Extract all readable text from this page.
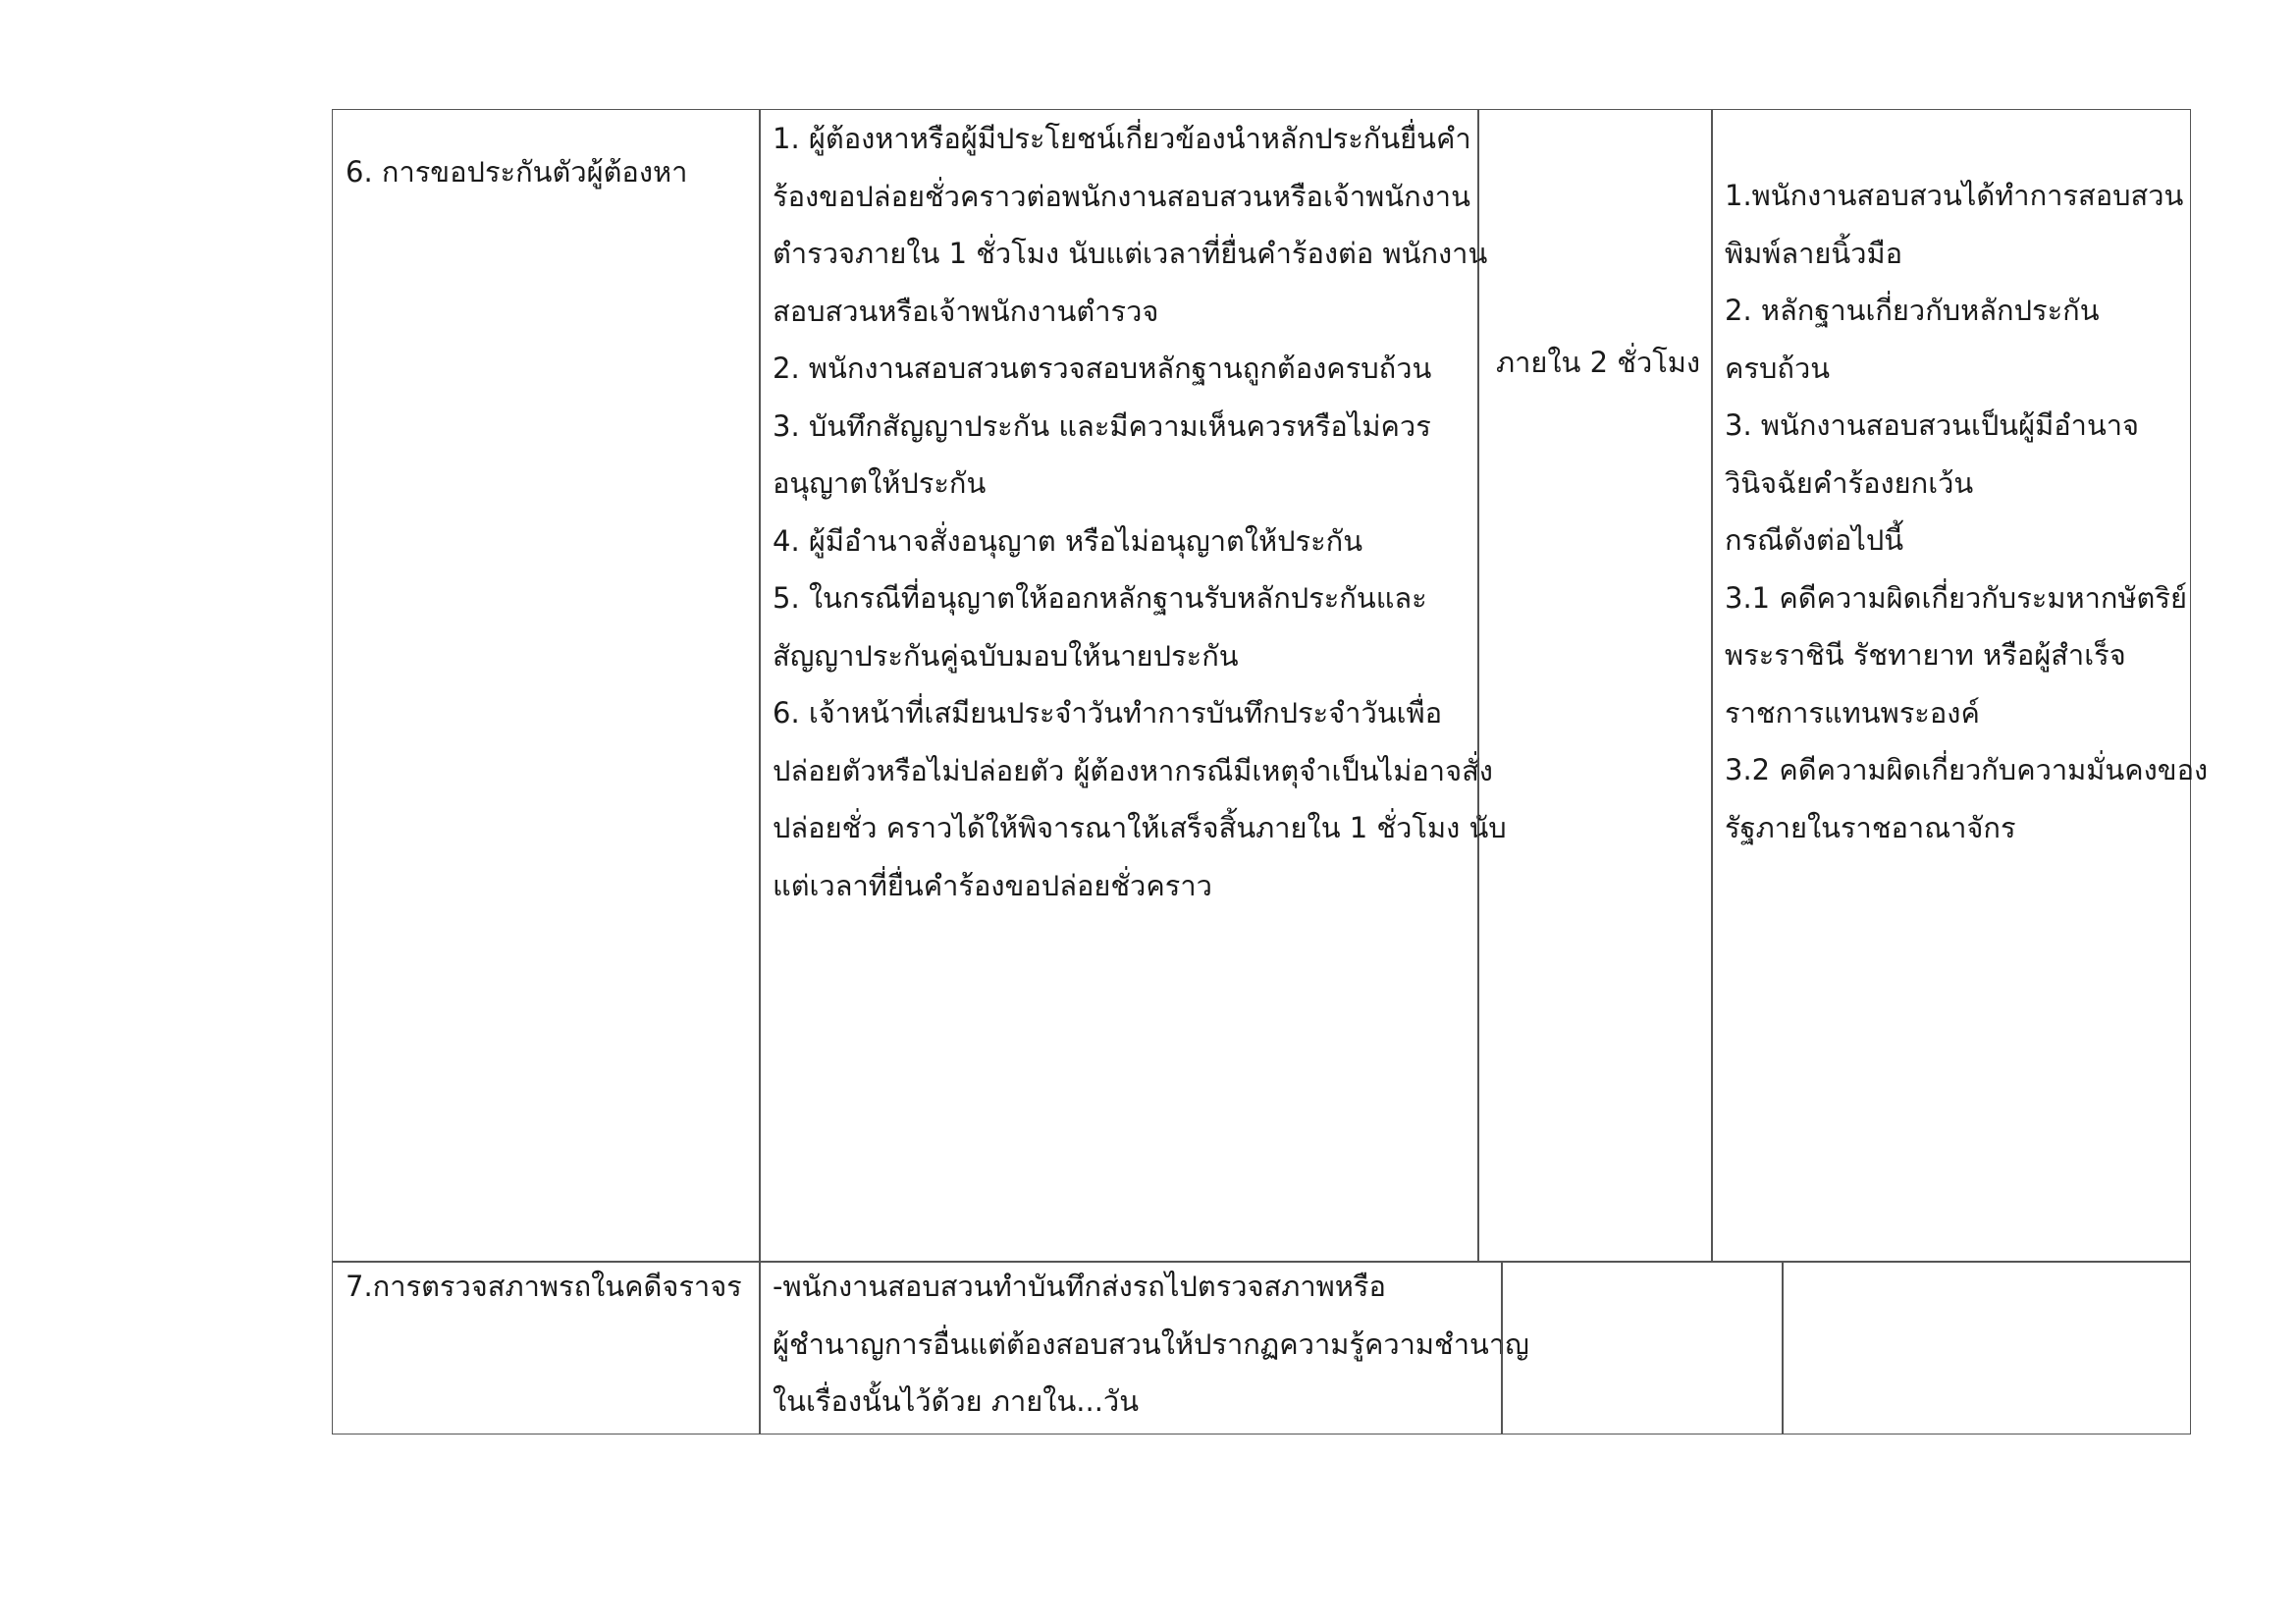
6. การขอประกันตัวผู้ต้องหา
1. ผู้ต้องหาหรือผู้มีประโยชน์เกี่ยวข้องนำหลักประกันยื่นคำ
ร้องขอปล่อยชั่วคราวต่อพนักงานสอบสวนหรือเจ้าพนักงาน
ตำรวจภายใน 1 ชั่วโมง นับแต่เวลาที่ยื่นคำร้องต่อ พนักงาน
สอบสวนหรือเจ้าพนักงานตำรวจ
2. พนักงานสอบสวนตรวจสอบหลักฐานถูกต้องครบถ้วน
3. บันทึกสัญญาประกัน และมีความเห็นควรหรือไม่ควร
อนุญาตให้ประกัน
4. ผู้มีอำนาจสั่งอนุญาต หรือไม่อนุญาตให้ประกัน
5. ในกรณีที่อนุญาตให้ออกหลักฐานรับหลักประกันและ
สัญญาประกันคู่ฉบับมอบให้นายประกัน
6. เจ้าหน้าที่เสมียนประจำวันทำการบันทึกประจำวันเพื่อ
ปล่อยตัวหรือไม่ปล่อยตัว ผู้ต้องหากรณีมีเหตุจำเป็นไม่อาจสั่ง
ปล่อยชั่ว คราวได้ให้พิจารณาให้เสร็จสิ้นภายใน 1 ชั่วโมง นับ
แต่เวลาที่ยื่นคำร้องขอปล่อยชั่วคราว
ภายใน 2 ชั่วโมง
1.พนักงานสอบสวนได้ทำการสอบสวน
พิมพ์ลายนิ้วมือ
2. หลักฐานเกี่ยวกับหลักประกัน
ครบถ้วน
3. พนักงานสอบสวนเป็นผู้มีอำนาจ
วินิจฉัยคำร้องยกเว้น
กรณีดังต่อไปนี้
3.1 คดีความผิดเกี่ยวกับระมหากษัตริย์
พระราชินี รัชทายาท หรือผู้สำเร็จ
ราชการแทนพระองค์
3.2 คดีความผิดเกี่ยวกับความมั่นคงของ
รัฐภายในราชอาณาจักร
7.การตรวจสภาพรถในคดีจราจร	-พนักงานสอบสวนทำบันทึกส่งรถไปตรวจสภาพหรือ
ผู้ชำนาญการอื่นแต่ต้องสอบสวนให้ปรากฏความรู้ความชำนาญ
ในเรื่องนั้นไว้ด้วย ภายใน...วัน
